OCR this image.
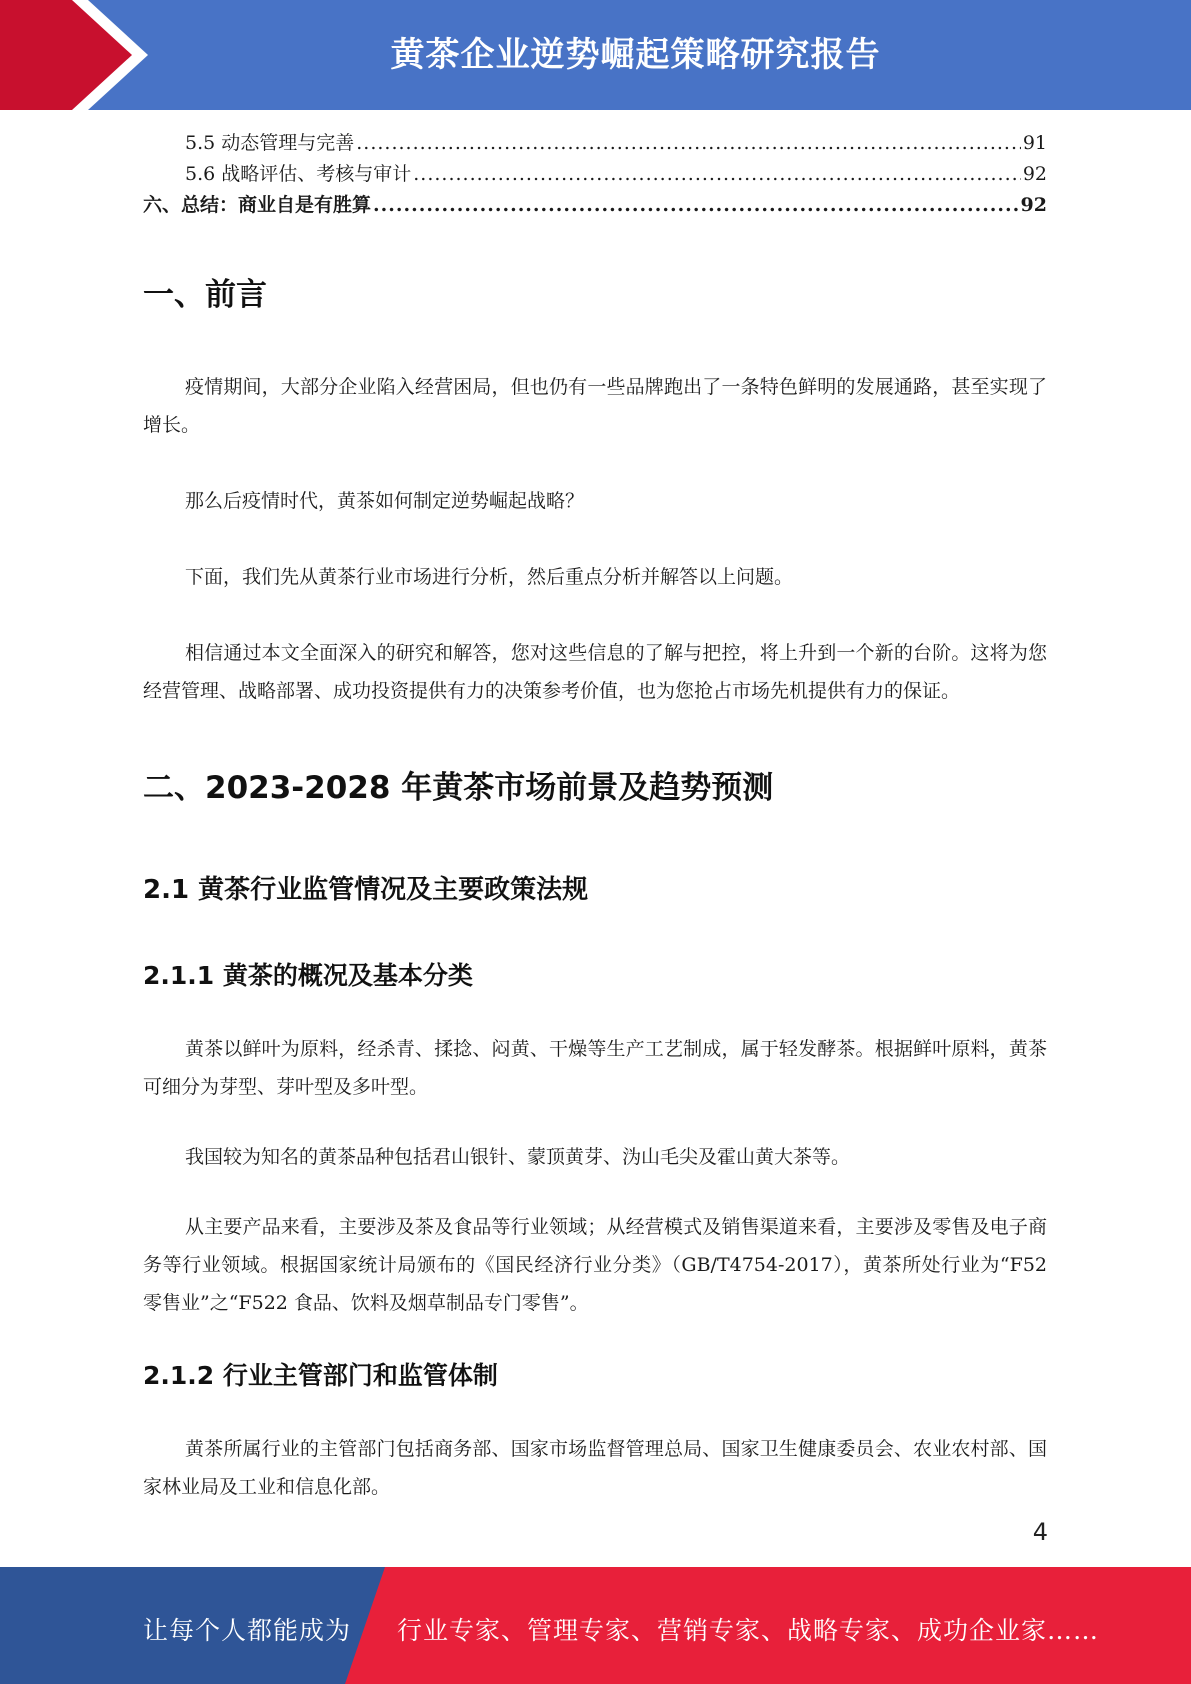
黄茶企业逆势崛起策略研究报告
5.5 动态管理与完善 .....	91
5.6 战略评估、考核与审计 .....	92
六、总结：商业自是有胜算 .....	92
一、前言

疫情期间，大部分企业陷入经营困局，但也仍有一些品牌跑出了一条特色鲜明的发展通路，甚至实现了增长。

那么后疫情时代，黄茶如何制定逆势崛起战略？

下面，我们先从黄茶行业市场进行分析，然后重点分析并解答以上问题。

相信通过本文全面深入的研究和解答，您对这些信息的了解与把控，将上升到一个新的台阶。这将为您经营管理、战略部署、成功投资提供有力的决策参考价值，也为您抢占市场先机提供有力的保证。

二、2023-2028 年黄茶市场前景及趋势预测
2.1 黄茶行业监管情况及主要政策法规
2.1.1 黄茶的概况及基本分类

黄茶以鲜叶为原料，经杀青、揉捻、闷黄、干燥等生产工艺制成，属于轻发酵茶。根据鲜叶原料，黄茶可细分为芽型、芽叶型及多叶型。

我国较为知名的黄茶品种包括君山银针、蒙顶黄芽、沩山毛尖及霍山黄大茶等。

从主要产品来看，主要涉及茶及食品等行业领域；从经营模式及销售渠道来看，主要涉及零售及电子商务等行业领域。根据国家统计局颁布的《国民经济行业分类》（GB/T4754-2017），黄茶所处行业为“F52 零售业”之“F522 食品、饮料及烟草制品专门零售”。

2.1.2 行业主管部门和监管体制

黄茶所属行业的主管部门包括商务部、国家市场监督管理总局、国家卫生健康委员会、农业农村部、国家林业局及工业和信息化部。

4
让每个人都能成为 行业专家、管理专家、营销专家、战略专家、成功企业家……
